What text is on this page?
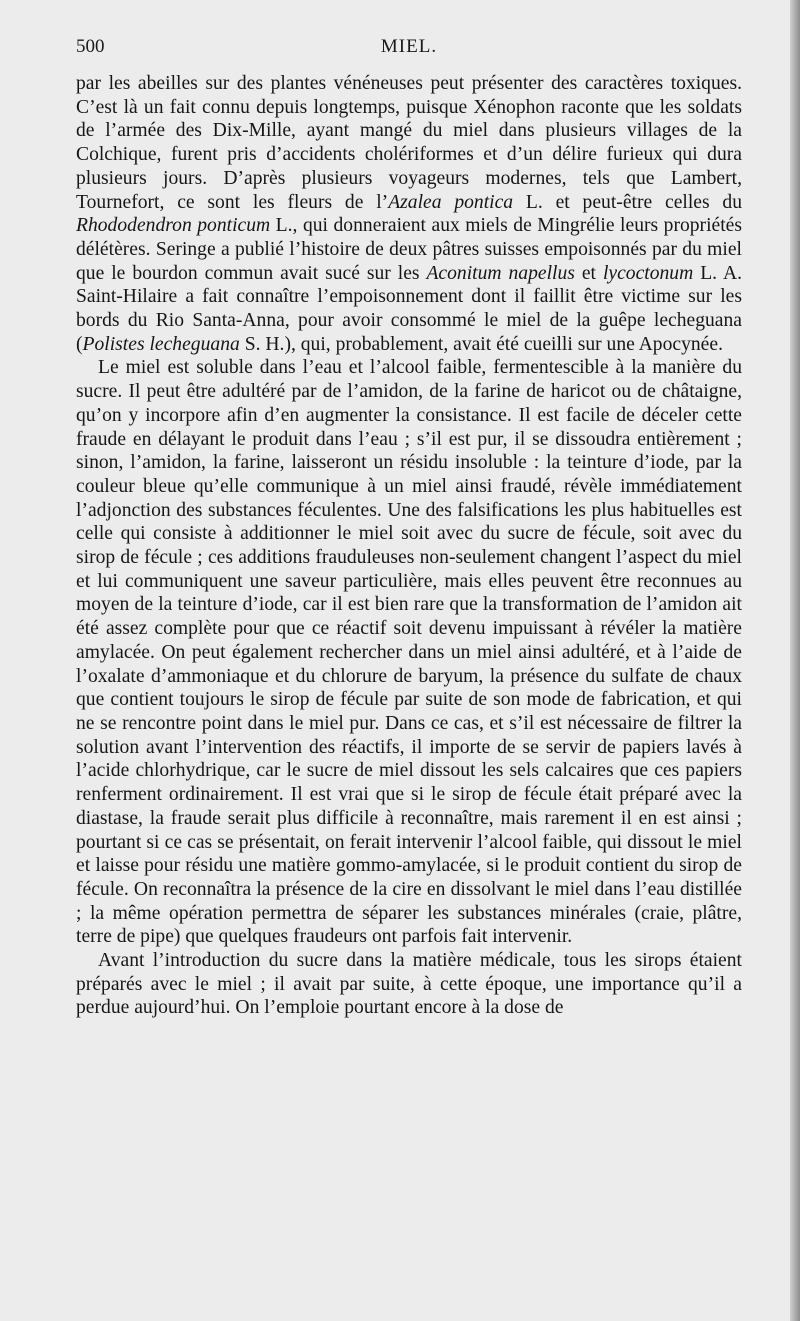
500	MIEL.

par les abeilles sur des plantes vénéneuses peut présenter des caractères toxiques. C’est là un fait connu depuis longtemps, puisque Xénophon raconte que les soldats de l’armée des Dix-Mille, ayant mangé du miel dans plusieurs villages de la Colchique, furent pris d’accidents cholériformes et d’un délire furieux qui dura plusieurs jours. D’après plusieurs voyageurs modernes, tels que Lambert, Tournefort, ce sont les fleurs de l’Azalea pontica L. et peut-être celles du Rhododendron ponticum L., qui donneraient aux miels de Mingrélie leurs propriétés délétères. Seringe a publié l’histoire de deux pâtres suisses empoisonnés par du miel que le bourdon commun avait sucé sur les Aconitum napellus et lycoctonum L. A. Saint-Hilaire a fait connaître l’empoisonnement dont il faillit être victime sur les bords du Rio Santa-Anna, pour avoir consommé le miel de la guêpe lecheguana (Polistes lecheguana S. H.), qui, probablement, avait été cueilli sur une Apocynée.

Le miel est soluble dans l’eau et l’alcool faible, fermentescible à la manière du sucre. Il peut être adultéré par de l’amidon, de la farine de haricot ou de châtaigne, qu’on y incorpore afin d’en augmenter la consistance. Il est facile de déceler cette fraude en délayant le produit dans l’eau ; s’il est pur, il se dissoudra entièrement ; sinon, l’amidon, la farine, laisseront un résidu insoluble : la teinture d’iode, par la couleur bleue qu’elle communique à un miel ainsi fraudé, révèle immédiatement l’adjonction des substances féculentes. Une des falsifications les plus habituelles est celle qui consiste à additionner le miel soit avec du sucre de fécule, soit avec du sirop de fécule ; ces additions frauduleuses non-seulement changent l’aspect du miel et lui communiquent une saveur particulière, mais elles peuvent être reconnues au moyen de la teinture d’iode, car il est bien rare que la transformation de l’amidon ait été assez complète pour que ce réactif soit devenu impuissant à révéler la matière amylacée. On peut également rechercher dans un miel ainsi adultéré, et à l’aide de l’oxalate d’ammoniaque et du chlorure de baryum, la présence du sulfate de chaux que contient toujours le sirop de fécule par suite de son mode de fabrication, et qui ne se rencontre point dans le miel pur. Dans ce cas, et s’il est nécessaire de filtrer la solution avant l’intervention des réactifs, il importe de se servir de papiers lavés à l’acide chlorhydrique, car le sucre de miel dissout les sels calcaires que ces papiers renferment ordinairement. Il est vrai que si le sirop de fécule était préparé avec la diastase, la fraude serait plus difficile à reconnaître, mais rarement il en est ainsi ; pourtant si ce cas se présentait, on ferait intervenir l’alcool faible, qui dissout le miel et laisse pour résidu une matière gommo-amylacée, si le produit contient du sirop de fécule. On reconnaîtra la présence de la cire en dissolvant le miel dans l’eau distillée ; la même opération permettra de séparer les substances minérales (craie, plâtre, terre de pipe) que quelques fraudeurs ont parfois fait intervenir.

Avant l’introduction du sucre dans la matière médicale, tous les sirops étaient préparés avec le miel ; il avait par suite, à cette époque, une importance qu’il a perdue aujourd’hui. On l’emploie pourtant encore à la dose de
